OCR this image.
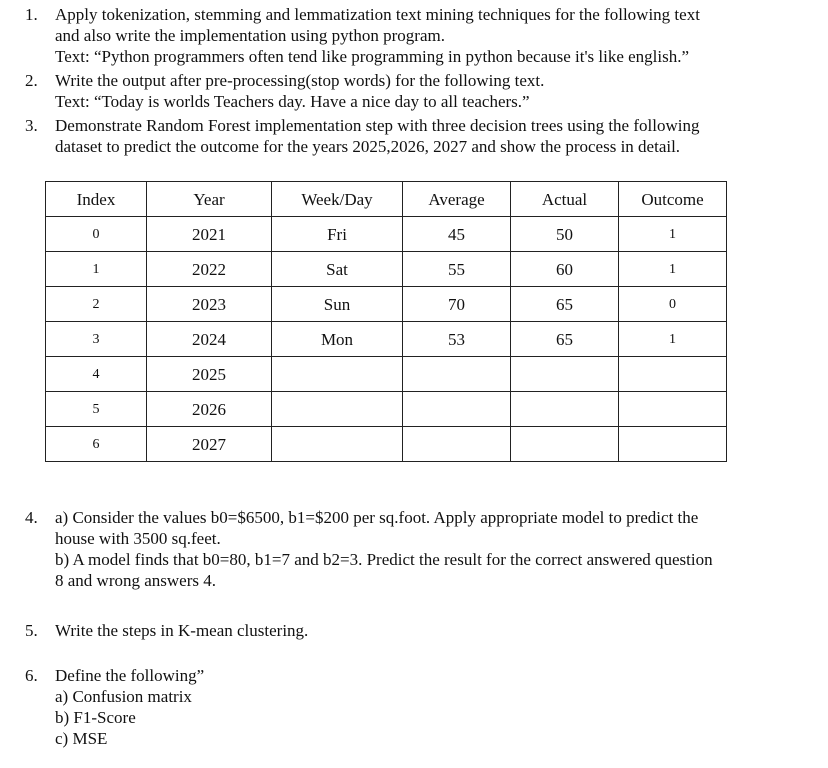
1.	Apply tokenization, stemming and lemmatization text mining techniques for the following text
and also write the implementation using python program.
Text: “Python programmers often tend like programming in python because it's like english.”
2.	Write the output after pre-processing(stop words) for the following text.
Text: “Today is worlds Teachers day. Have a nice day to all teachers.”
3.	Demonstrate Random Forest implementation step with three decision trees using the following
dataset to predict the outcome for the years 2025,2026, 2027 and show the process in detail.
Index	Year	Week/Day	Average	Actual	Outcome
0	2021	Fri	45	50	1
1	2022	Sat	55	60	1
2	2023	Sun	70	65	0
3	2024	Mon	53	65	1
4	2025				
5	2026				
6	2027				
4.	a) Consider the values b0=$6500, b1=$200 per sq.foot. Apply appropriate model to predict the
house with 3500 sq.feet.
b) A model finds that b0=80, b1=7 and b2=3. Predict the result for the correct answered question
8 and wrong answers 4.
5.	Write the steps in K-mean clustering.
6.	Define the following”
a) Confusion matrix
b) F1-Score
c) MSE
